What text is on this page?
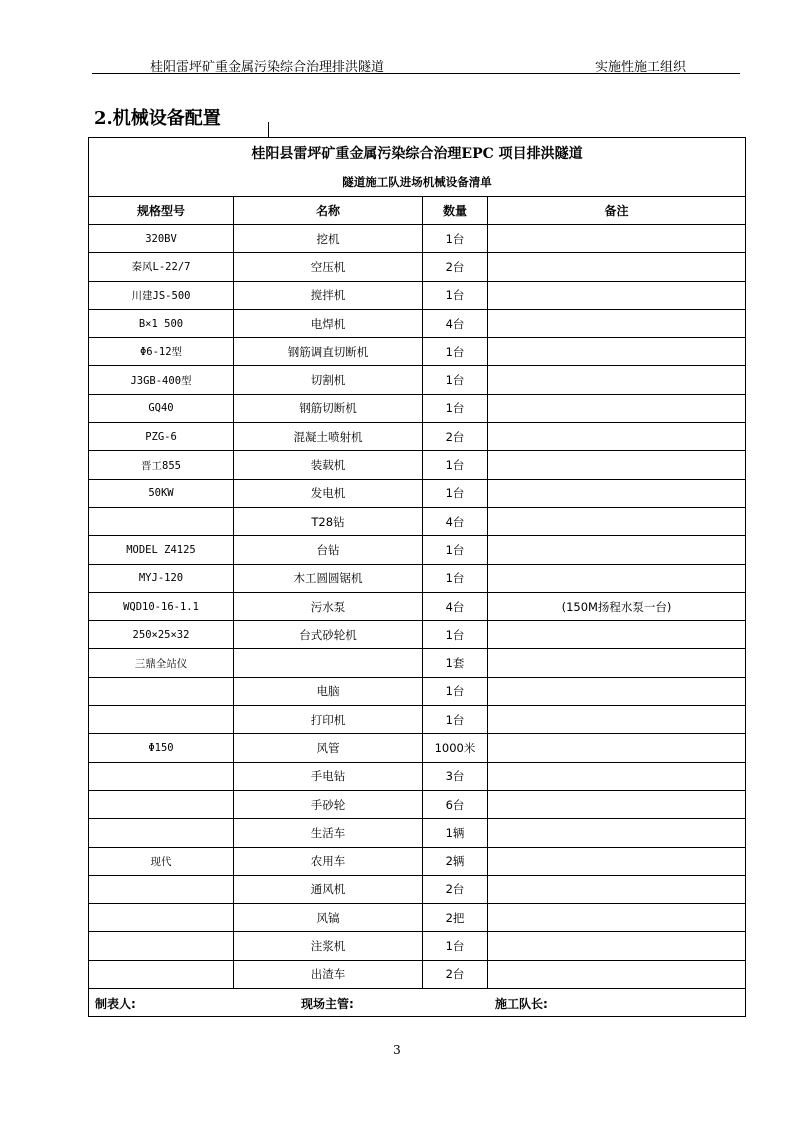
桂阳雷坪矿重金属污染综合治理排洪隧道	实施性施工组织
2.机械设备配置
桂阳县雷坪矿重金属污染综合治理EPC 项目排洪隧道			
隧道施工队进场机械设备清单			
规格型号	名称	数量	备注
320BV	挖机	1台	
秦风L-22/7	空压机	2台	
川建JS-500	搅拌机	1台	
B×1 500	电焊机	4台	
Φ6-12型	钢筋调直切断机	1台	
J3GB-400型	切割机	1台	
GQ40	钢筋切断机	1台	
PZG-6	混凝土喷射机	2台	
晋工855	装载机	1台	
50KW	发电机	1台	
	T28钻	4台	
MODEL Z4125	台钻	1台	
MYJ-120	木工圆圆锯机	1台	
WQD10-16-1.1	污水泵	4台	(150M扬程水泵一台)
250×25×32	台式砂轮机	1台	
三鼎全站仪		1套	
	电脑	1台	
	打印机	1台	
Φ150	风管	1000米	
	手电钻	3台	
	手砂轮	6台	
	生活车	1辆	
现代	农用车	2辆	
	通风机	2台	
	风镐	2把	
	注浆机	1台	
	出渣车	2台	

制表人: 现场主管: 施工队长:			
3
